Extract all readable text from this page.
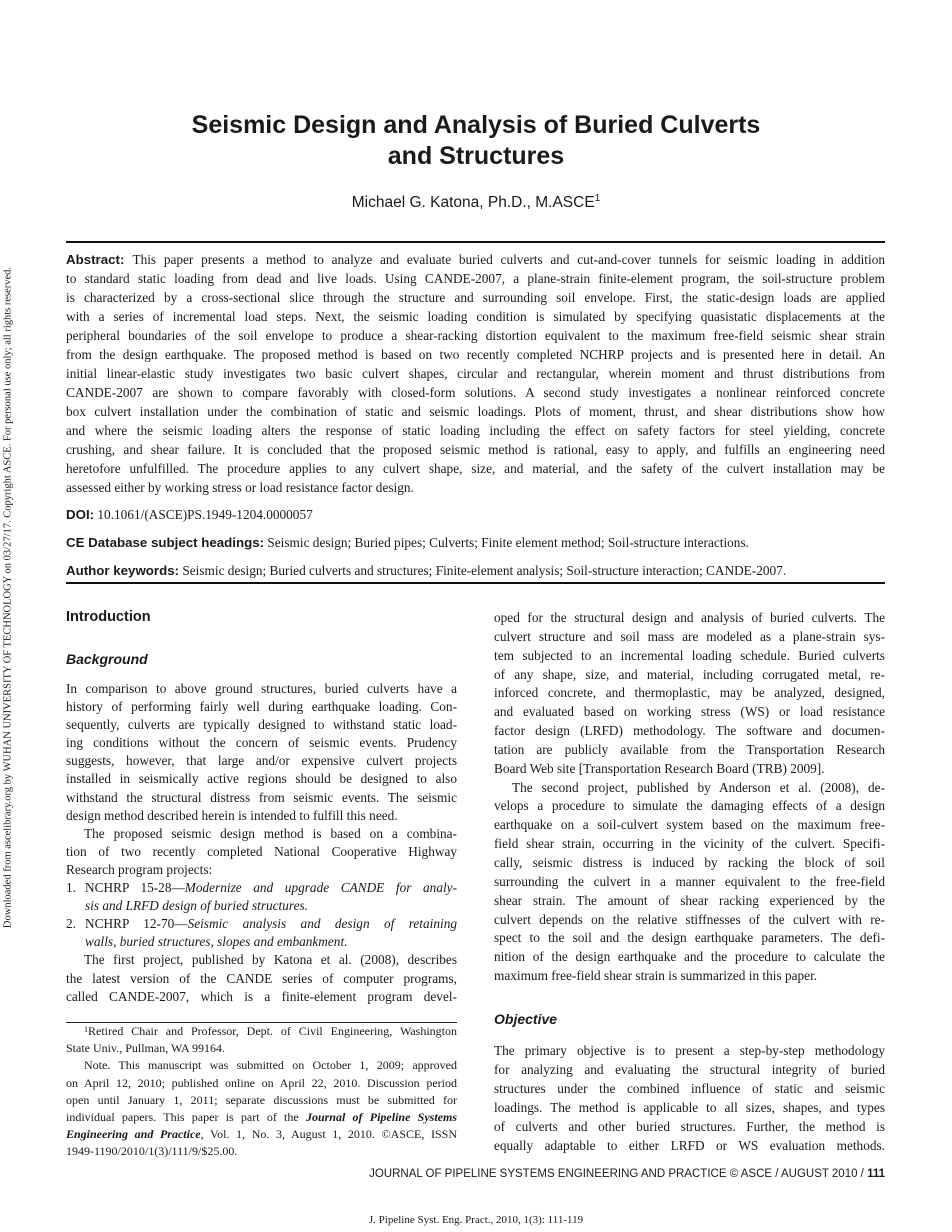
Downloaded from ascelibrary.org by WUHAN UNIVERSITY OF TECHNOLOGY on 03/27/17. Copyright ASCE. For personal use only; all rights reserved.
Seismic Design and Analysis of Buried Culverts
and Structures
Michael G. Katona, Ph.D., M.ASCE$^1$
Abstract: This paper presents a method to analyze and evaluate buried culverts and cut-and-cover tunnels for seismic loading in addition
to standard static loading from dead and live loads. Using CANDE-2007, a plane-strain finite-element program, the soil-structure problem
is characterized by a cross-sectional slice through the structure and surrounding soil envelope. First, the static-design loads are applied
with a series of incremental load steps. Next, the seismic loading condition is simulated by specifying quasistatic displacements at the
peripheral boundaries of the soil envelope to produce a shear-racking distortion equivalent to the maximum free-field seismic shear strain
from the design earthquake. The proposed method is based on two recently completed NCHRP projects and is presented here in detail. An
initial linear-elastic study investigates two basic culvert shapes, circular and rectangular, wherein moment and thrust distributions from
CANDE-2007 are shown to compare favorably with closed-form solutions. A second study investigates a nonlinear reinforced concrete
box culvert installation under the combination of static and seismic loadings. Plots of moment, thrust, and shear distributions show how
and where the seismic loading alters the response of static loading including the effect on safety factors for steel yielding, concrete
crushing, and shear failure. It is concluded that the proposed seismic method is rational, easy to apply, and fulfills an engineering need
heretofore unfulfilled. The procedure applies to any culvert shape, size, and material, and the safety of the culvert installation may be
assessed either by working stress or load resistance factor design.
DOI: 10.1061/(ASCE)PS.1949-1204.0000057
CE Database subject headings: Seismic design; Buried pipes; Culverts; Finite element method; Soil-structure interactions.
Author keywords: Seismic design; Buried culverts and structures; Finite-element analysis; Soil-structure interaction; CANDE-2007.
Introduction
Background
In comparison to above ground structures, buried culverts have a
history of performing fairly well during earthquake loading. Con-
sequently, culverts are typically designed to withstand static load-
ing conditions without the concern of seismic events. Prudency
suggests, however, that large and/or expensive culvert projects
installed in seismically active regions should be designed to also
withstand the structural distress from seismic events. The seismic
design method described herein is intended to fulfill this need.
The proposed seismic design method is based on a combina-
tion of two recently completed National Cooperative Highway
Research program projects:
1. NCHRP 15-28—Modernize and upgrade CANDE for analy-
sis and LRFD design of buried structures.
2. NCHRP 12-70—Seismic analysis and design of retaining
walls, buried structures, slopes and embankment.
The first project, published by Katona et al. (2008), describes
the latest version of the CANDE series of computer programs,
called CANDE-2007, which is a finite-element program devel-
$^1$Retired Chair and Professor, Dept. of Civil Engineering, Washington
State Univ., Pullman, WA 99164.
Note. This manuscript was submitted on October 1, 2009; approved
on April 12, 2010; published online on April 22, 2010. Discussion period
open until January 1, 2011; separate discussions must be submitted for
individual papers. This paper is part of the Journal of Pipeline Systems
Engineering and Practice, Vol. 1, No. 3, August 1, 2010. ©ASCE, ISSN
1949-1190/2010/1(3)/111/9/$25.00.
oped for the structural design and analysis of buried culverts. The
culvert structure and soil mass are modeled as a plane-strain sys-
tem subjected to an incremental loading schedule. Buried culverts
of any shape, size, and material, including corrugated metal, re-
inforced concrete, and thermoplastic, may be analyzed, designed,
and evaluated based on working stress (WS) or load resistance
factor design (LRFD) methodology. The software and documen-
tation are publicly available from the Transportation Research
Board Web site [Transportation Research Board (TRB) 2009].
The second project, published by Anderson et al. (2008), de-
velops a procedure to simulate the damaging effects of a design
earthquake on a soil-culvert system based on the maximum free-
field shear strain, occurring in the vicinity of the culvert. Specifi-
cally, seismic distress is induced by racking the block of soil
surrounding the culvert in a manner equivalent to the free-field
shear strain. The amount of shear racking experienced by the
culvert depends on the relative stiffnesses of the culvert with re-
spect to the soil and the design earthquake parameters. The defi-
nition of the design earthquake and the procedure to calculate the
maximum free-field shear strain is summarized in this paper.
Objective
The primary objective is to present a step-by-step methodology
for analyzing and evaluating the structural integrity of buried
structures under the combined influence of static and seismic
loadings. The method is applicable to all sizes, shapes, and types
of culverts and other buried structures. Further, the method is
equally adaptable to either LRFD or WS evaluation methods.
JOURNAL OF PIPELINE SYSTEMS ENGINEERING AND PRACTICE © ASCE / AUGUST 2010 / 111
J. Pipeline Syst. Eng. Pract., 2010, 1(3): 111-119
